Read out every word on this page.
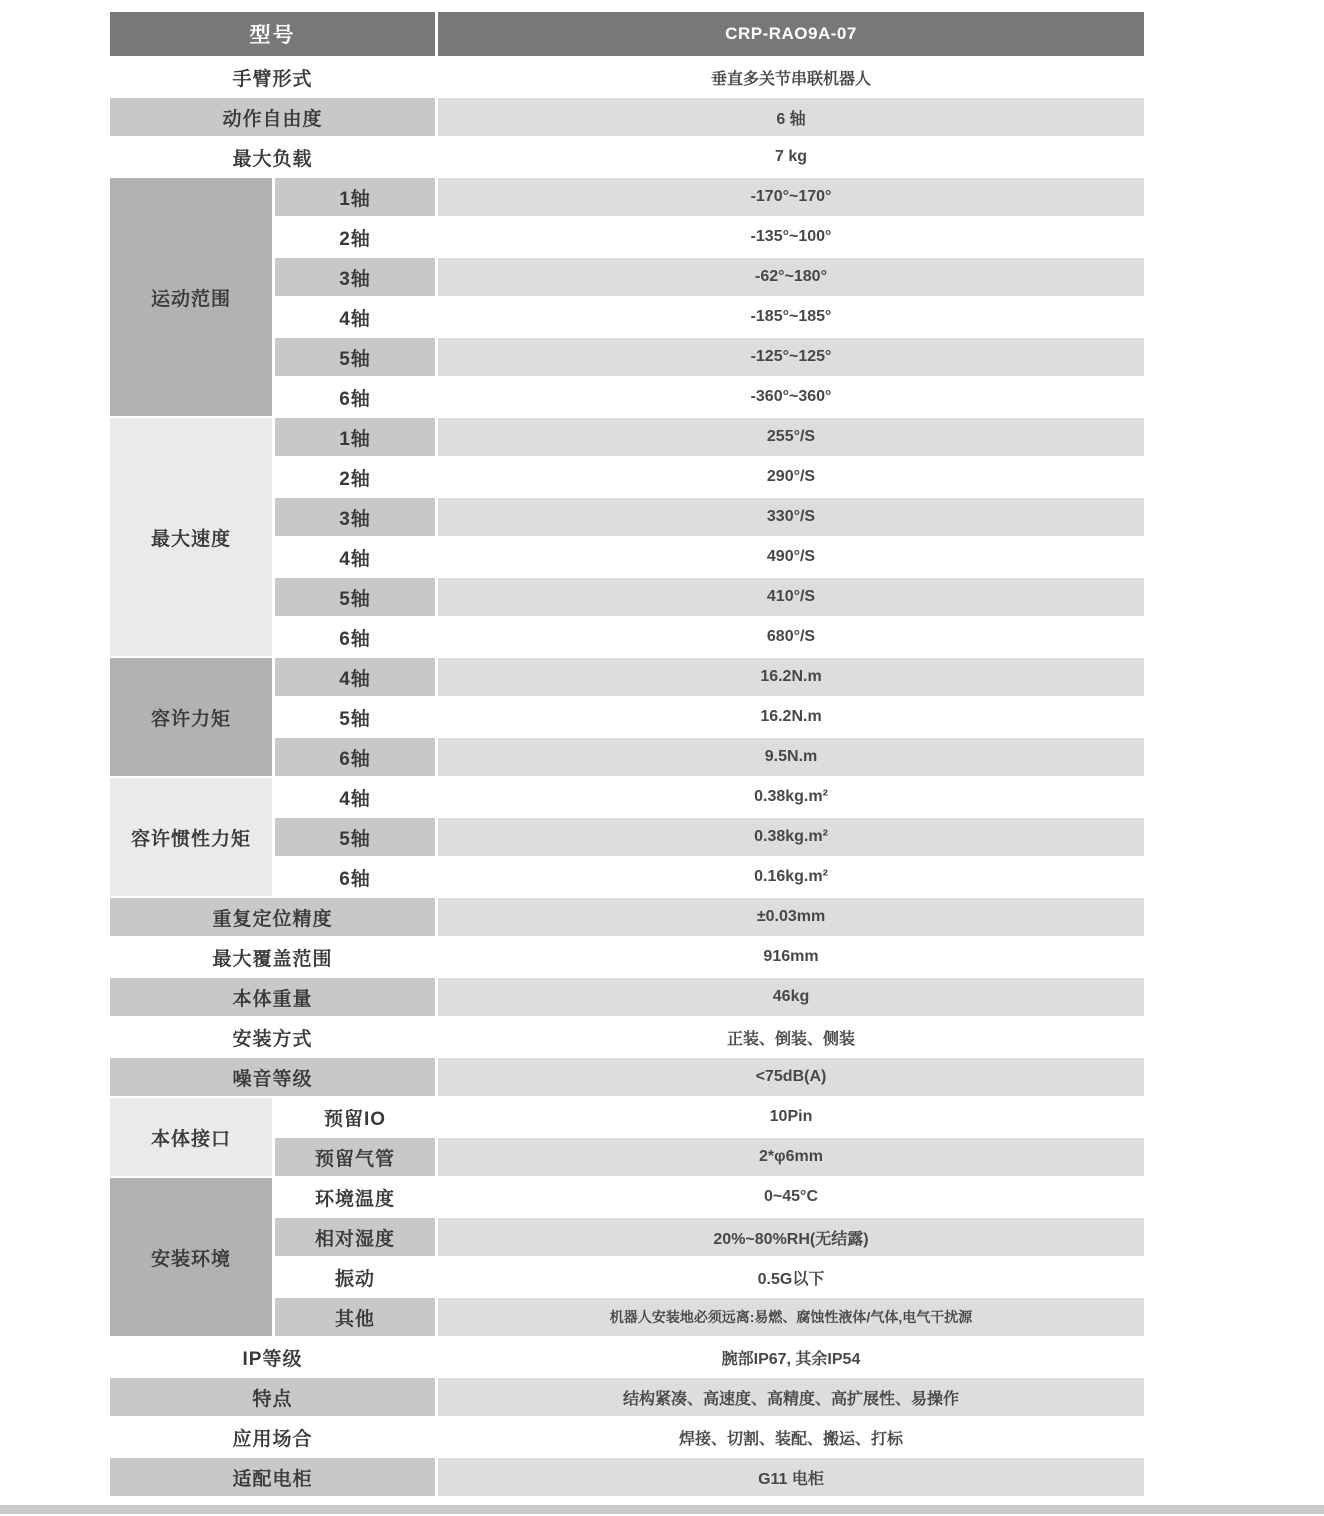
型号		CRP-RAO9A-07
手臂形式		垂直多关节串联机器人
动作自由度		6 轴
最大负载		7 kg
运动范围	1轴	-170°~170°
	2轴	-135°~100°
	3轴	-62°~180°
	4轴	-185°~185°
	5轴	-125°~125°
	6轴	-360°~360°
最大速度	1轴	255°/S
	2轴	290°/S
	3轴	330°/S
	4轴	490°/S
	5轴	410°/S
	6轴	680°/S
容许力矩	4轴	16.2N.m
	5轴	16.2N.m
	6轴	9.5N.m
容许惯性力矩	4轴	0.38kg.m²
	5轴	0.38kg.m²
	6轴	0.16kg.m²
重复定位精度		±0.03mm
最大覆盖范围		916mm
本体重量		46kg
安装方式		正装、倒装、侧装
噪音等级		<75dB(A)
本体接口	预留IO	10Pin
	预留气管	2*φ6mm
安装环境	环境温度	0~45°C
	相对湿度	20%~80%RH(无结露)
	振动	0.5G以下
	其他	机器人安装地必须远离:易燃、腐蚀性液体/气体,电气干扰源
IP等级		腕部IP67, 其余IP54
特点		结构紧凑、高速度、高精度、高扩展性、易操作
应用场合		焊接、切割、装配、搬运、打标
适配电柜		G11 电柜
